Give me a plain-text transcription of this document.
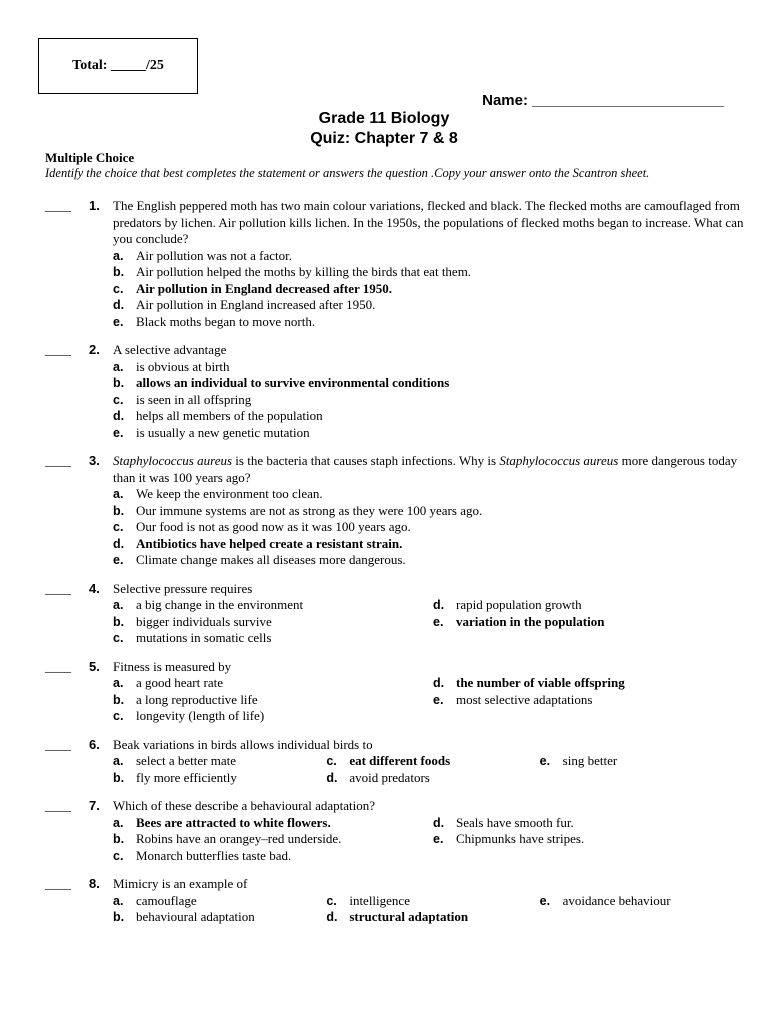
Total: _____/25
Name: _______________________
Grade 11 Biology
Quiz: Chapter 7 & 8
Multiple Choice
Identify the choice that best completes the statement or answers the question .Copy your answer onto the Scantron sheet.
____	1. The English peppered moth has two main colour variations, flecked and black. The flecked moths are camouflaged from predators by lichen. Air pollution kills lichen. In the 1950s, the populations of flecked moths began to increase. What can you conclude?
a. Air pollution was not a factor.
b. Air pollution helped the moths by killing the birds that eat them.
c. Air pollution in England decreased after 1950.
d. Air pollution in England increased after 1950.
e. Black moths began to move north.
____	2. A selective advantage
a. is obvious at birth
b. allows an individual to survive environmental conditions
c. is seen in all offspring
d. helps all members of the population
e. is usually a new genetic mutation
____	3. Staphylococcus aureus is the bacteria that causes staph infections. Why is Staphylococcus aureus more dangerous today than it was 100 years ago?
a. We keep the environment too clean.
b. Our immune systems are not as strong as they were 100 years ago.
c. Our food is not as good now as it was 100 years ago.
d. Antibiotics have helped create a resistant strain.
e. Climate change makes all diseases more dangerous.
____	4. Selective pressure requires
a. a big change in the environment	d. rapid population growth
b. bigger individuals survive	e. variation in the population
c. mutations in somatic cells
____	5. Fitness is measured by
a. a good heart rate	d. the number of viable offspring
b. a long reproductive life	e. most selective adaptations
c. longevity (length of life)
____	6. Beak variations in birds allows individual birds to
a. select a better mate	c. eat different foods	e. sing better
b. fly more efficiently	d. avoid predators
____	7. Which of these describe a behavioural adaptation?
a. Bees are attracted to white flowers.	d. Seals have smooth fur.
b. Robins have an orangey–red underside.	e. Chipmunks have stripes.
c. Monarch butterflies taste bad.
____	8. Mimicry is an example of
a. camouflage	c. intelligence	e. avoidance behaviour
b. behavioural adaptation	d. structural adaptation
